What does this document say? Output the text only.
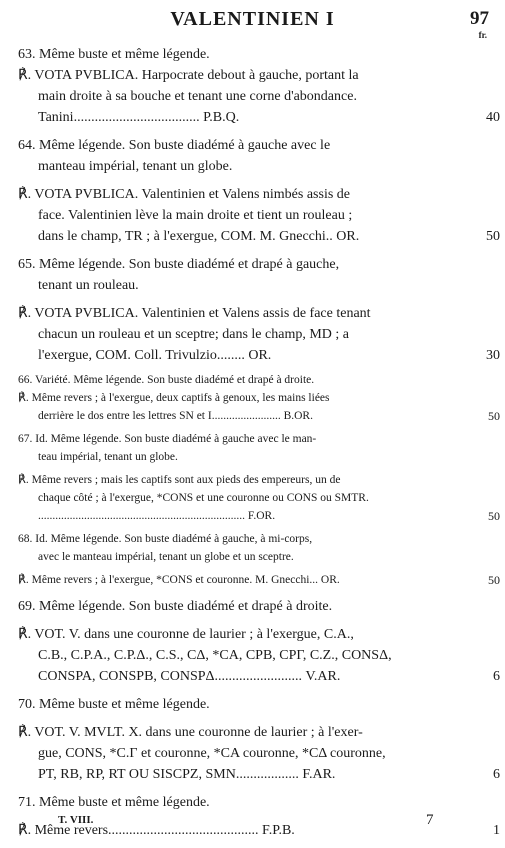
VALENTINIEN I	97
fr.
63. Même buste et même légende.
℟. VOTA PVBLICA. Harpocrate debout à gauche, portant la
main droite à sa bouche et tenant une corne d'abondance.
Tanini.................................... P.B.Q.	40
64. Même légende. Son buste diadémé à gauche avec le
manteau impérial, tenant un globe.
℟. VOTA PVBLICA. Valentinien et Valens nimbés assis de
face. Valentinien lève la main droite et tient un rouleau ;
dans le champ, TR ; à l'exergue, COM. M. Gnecchi.. OR.	50
65. Même légende. Son buste diadémé et drapé à gauche,
tenant un rouleau.
℟. VOTA PVBLICA. Valentinien et Valens assis de face tenant
chacun un rouleau et un sceptre; dans le champ, MD ; a
l'exergue, COM. Coll. Trivulzio........ OR.	30
66. Variété. Même légende. Son buste diadémé et drapé à droite.
℟. Même revers ; à l'exergue, deux captifs à genoux, les mains liées
derrière le dos entre les lettres SN et I........................ B.OR.	50
67. Id. Même légende. Son buste diadémé à gauche avec le man-
teau impérial, tenant un globe.
℟. Même revers ; mais les captifs sont aux pieds des empereurs, un de
chaque côté ; à l'exergue, *CONS et une couronne ou CONS ou SMTR.
........................................................................ F.OR.	50
68. Id. Même légende. Son buste diadémé à gauche, à mi-corps,
avec le manteau impérial, tenant un globe et un sceptre.
℟. Même revers ; à l'exergue, *CONS et couronne. M. Gnecchi... OR.	50
69. Même légende. Son buste diadémé et drapé à droite.
℟. VOT. V. dans une couronne de laurier ; à l'exergue, C.A.,
C.B., C.P.A., C.P.Δ., C.S., CΔ, *CA, CPB, CPΓ, C.Z., CONSΔ,
CONSPA, CONSPB, CONSPΔ......................... V.AR.	6
70. Même buste et même légende.
℟. VOT. V. MVLT. X. dans une couronne de laurier ; à l'exer-
gue, CONS, *C.Γ et couronne, *CA couronne, *CΔ couronne,
PT, RB, RP, RT OU SISCPZ, SMN.................. F.AR.	6
71. Même buste et même légende.
℟. Même revers........................................... F.P.B.	1
T. VIII.	7
